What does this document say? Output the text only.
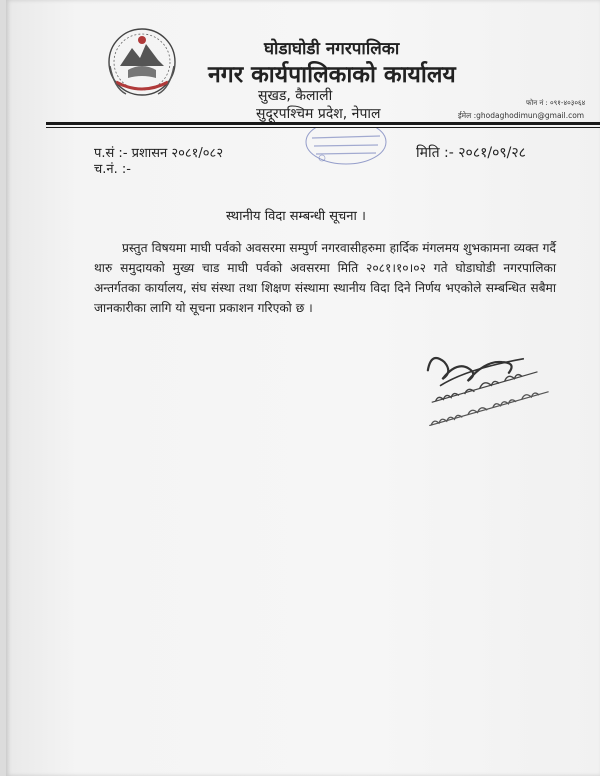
घोडाघोडी नगरपालिका
नगर कार्यपालिकाको कार्यालय
सुखड, कैलाली
सुदूरपश्चिम प्रदेश, नेपाल
फोन नं : ०९१-४०३०६४
ईमेल :ghodaghodimun@gmail.com
प.सं :- प्रशासन २०८१/०८२
च.नं. :-
मिति :- २०८१/०९/२८
स्थानीय विदा सम्बन्धी सूचना ।
प्रस्तुत विषयमा माघी पर्वको अवसरमा सम्पुर्ण नगरवासीहरुमा हार्दिक मंगलमय शुभकामना व्यक्त गर्दै थारु समुदायको मुख्य चाड माघी पर्वको अवसरमा मिति २०८१।१०।०२ गते घोडाघोडी नगरपालिका अन्तर्गतका कार्यालय, संघ संस्था तथा शिक्षण संस्थामा स्थानीय विदा दिने निर्णय भएकोले सम्बन्धित सबैमा जानकारीका लागि यो सूचना प्रकाशन गरिएको छ ।
